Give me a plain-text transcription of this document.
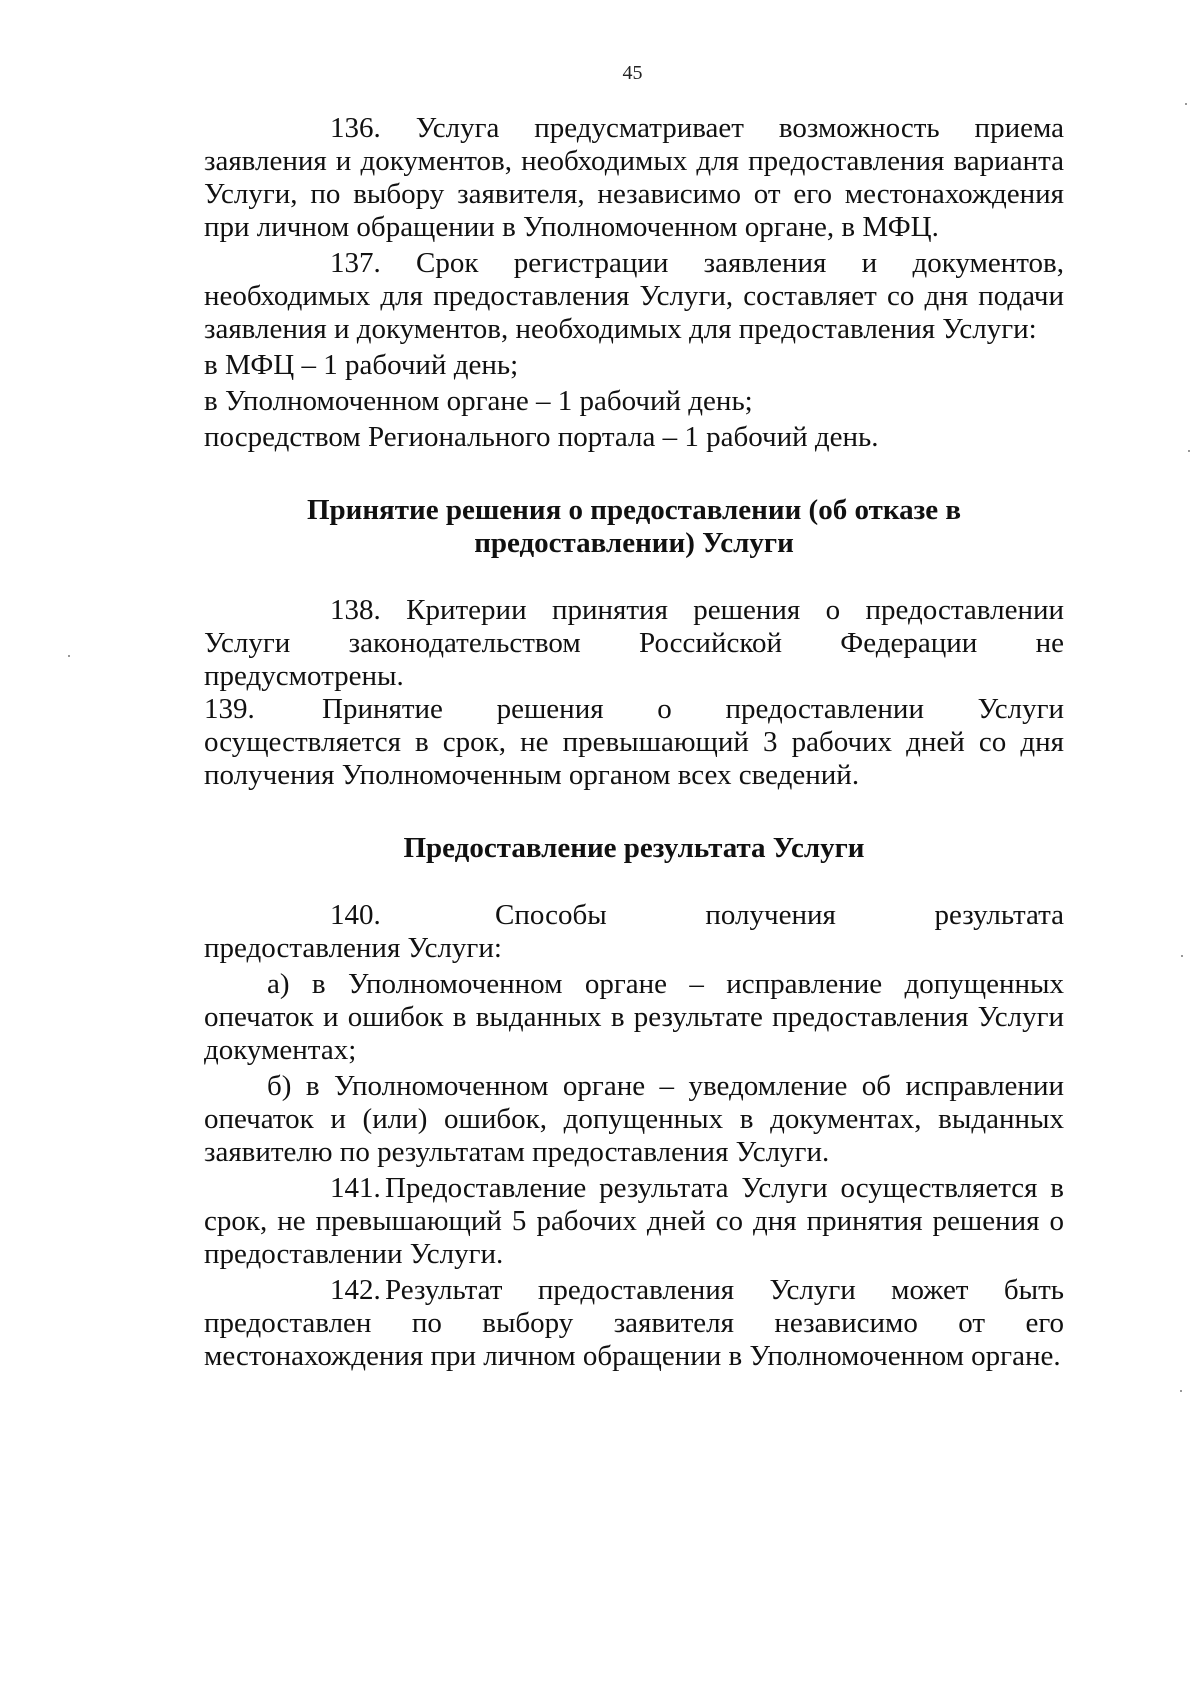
45

136. Услуга предусматривает возможность приема заявления и документов, необходимых для предоставления варианта Услуги, по выбору заявителя, независимо от его местонахождения при личном обращении в Уполномоченном органе, в МФЦ.

137. Срок регистрации заявления и документов, необходимых для предоставления Услуги, составляет со дня подачи заявления и документов, необходимых для предоставления Услуги:

в МФЦ – 1 рабочий день;

в Уполномоченном органе – 1 рабочий день;

посредством Регионального портала – 1 рабочий день.

Принятие решения о предоставлении (об отказе в предоставлении) Услуги

138. Критерии принятия решения о предоставлении Услуги законодательством Российской Федерации не предусмотрены.

139. Принятие решения о предоставлении Услуги осуществляется в срок, не превышающий 3 рабочих дней со дня получения Уполномоченным органом всех сведений.

Предоставление результата Услуги

140.	Способы получения результата предоставления Услуги:

а) в Уполномоченном органе – исправление допущенных опечаток и ошибок в выданных в результате предоставления Услуги документах;

б) в Уполномоченном органе – уведомление об исправлении опечаток и (или) ошибок, допущенных в документах, выданных заявителю по результатам предоставления Услуги.

141. Предоставление результата Услуги осуществляется в срок, не превышающий 5 рабочих дней со дня принятия решения о предоставлении Услуги.

142. Результат предоставления Услуги может быть предоставлен по выбору заявителя независимо от его местонахождения при личном обращении в Уполномоченном органе.
